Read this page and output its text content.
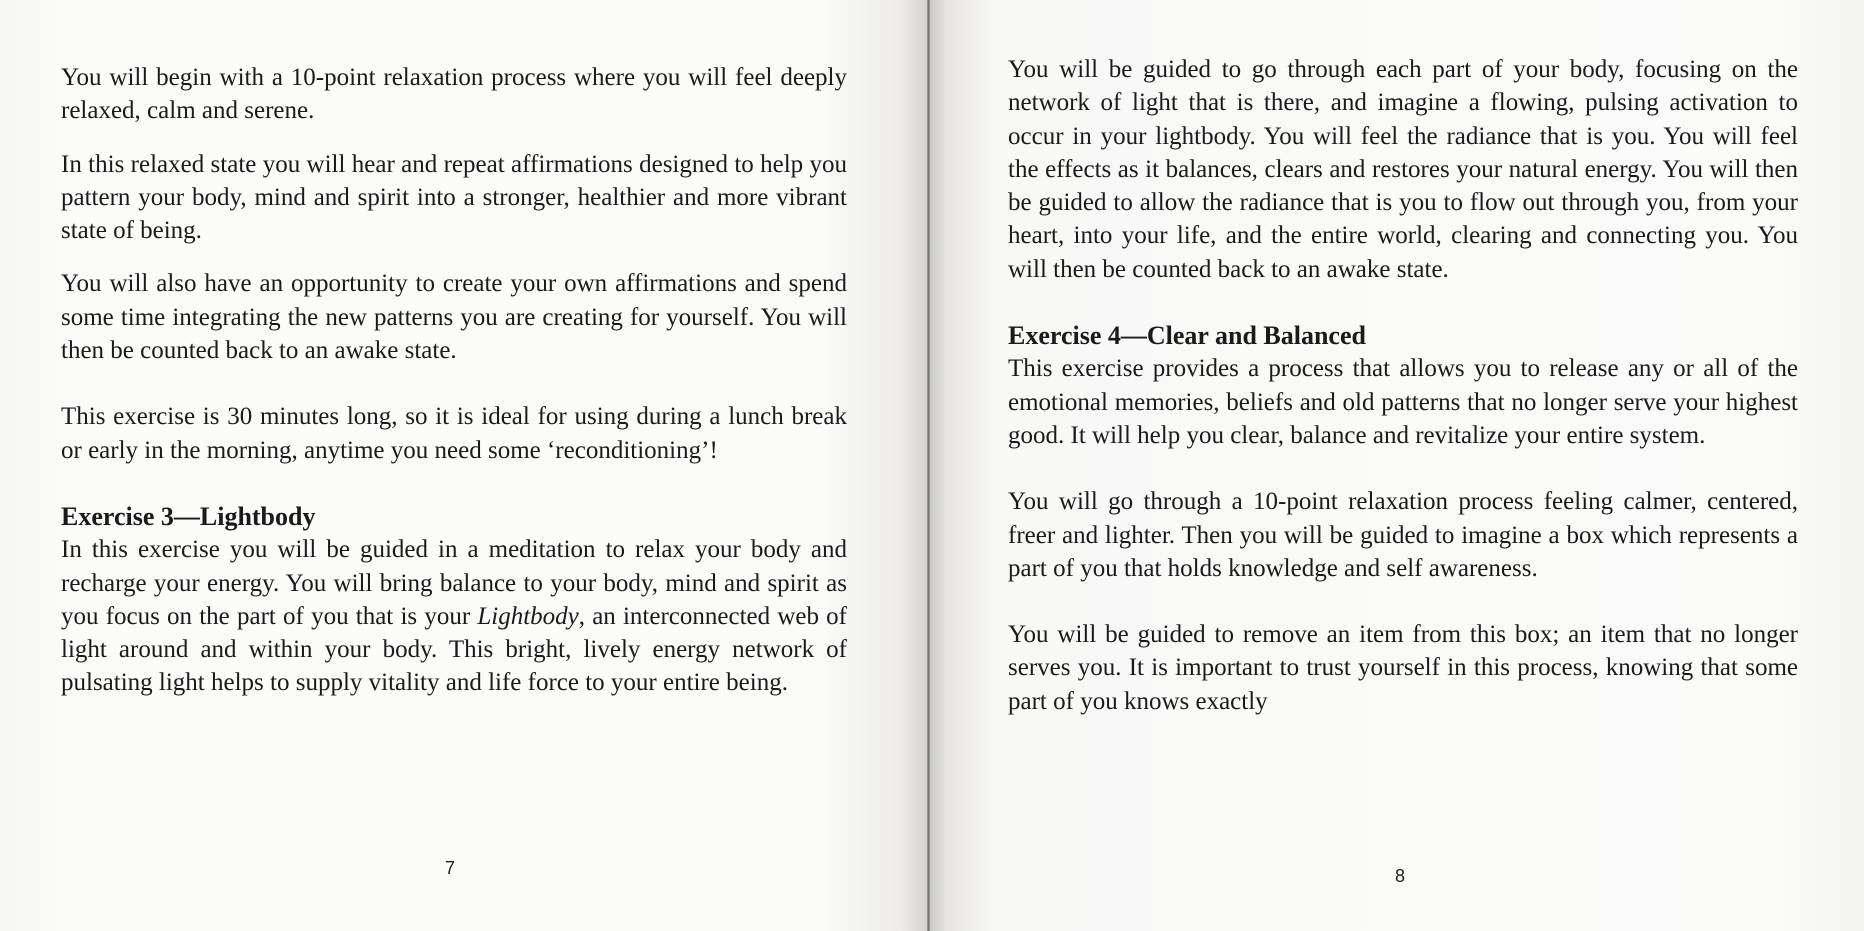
You will begin with a 10-point relaxation process where you will feel deeply relaxed, calm and serene.

In this relaxed state you will hear and repeat affirmations designed to help you pattern your body, mind and spirit into a stronger, healthier and more vibrant state of being.

You will also have an opportunity to create your own affirmations and spend some time integrating the new patterns you are creating for yourself. You will then be counted back to an awake state.

This exercise is 30 minutes long, so it is ideal for using during a lunch break or early in the morning, anytime you need some ‘reconditioning’!

Exercise 3—Lightbody

In this exercise you will be guided in a meditation to relax your body and recharge your energy. You will bring balance to your body, mind and spirit as you focus on the part of you that is your Lightbody, an interconnected web of light around and within your body. This bright, lively energy network of pulsating light helps to supply vitality and life force to your entire being.

7

You will be guided to go through each part of your body, focusing on the network of light that is there, and imagine a flowing, pulsing activation to occur in your lightbody. You will feel the radiance that is you. You will feel the effects as it balances, clears and restores your natural energy. You will then be guided to allow the radiance that is you to flow out through you, from your heart, into your life, and the entire world, clearing and connecting you. You will then be counted back to an awake state.

Exercise 4—Clear and Balanced

This exercise provides a process that allows you to release any or all of the emotional memories, beliefs and old patterns that no longer serve your highest good. It will help you clear, balance and revitalize your entire system.

You will go through a 10-point relaxation process feeling calmer, centered, freer and lighter. Then you will be guided to imagine a box which represents a part of you that holds knowledge and self awareness.

You will be guided to remove an item from this box; an item that no longer serves you. It is important to trust yourself in this process, knowing that some part of you knows exactly

8
